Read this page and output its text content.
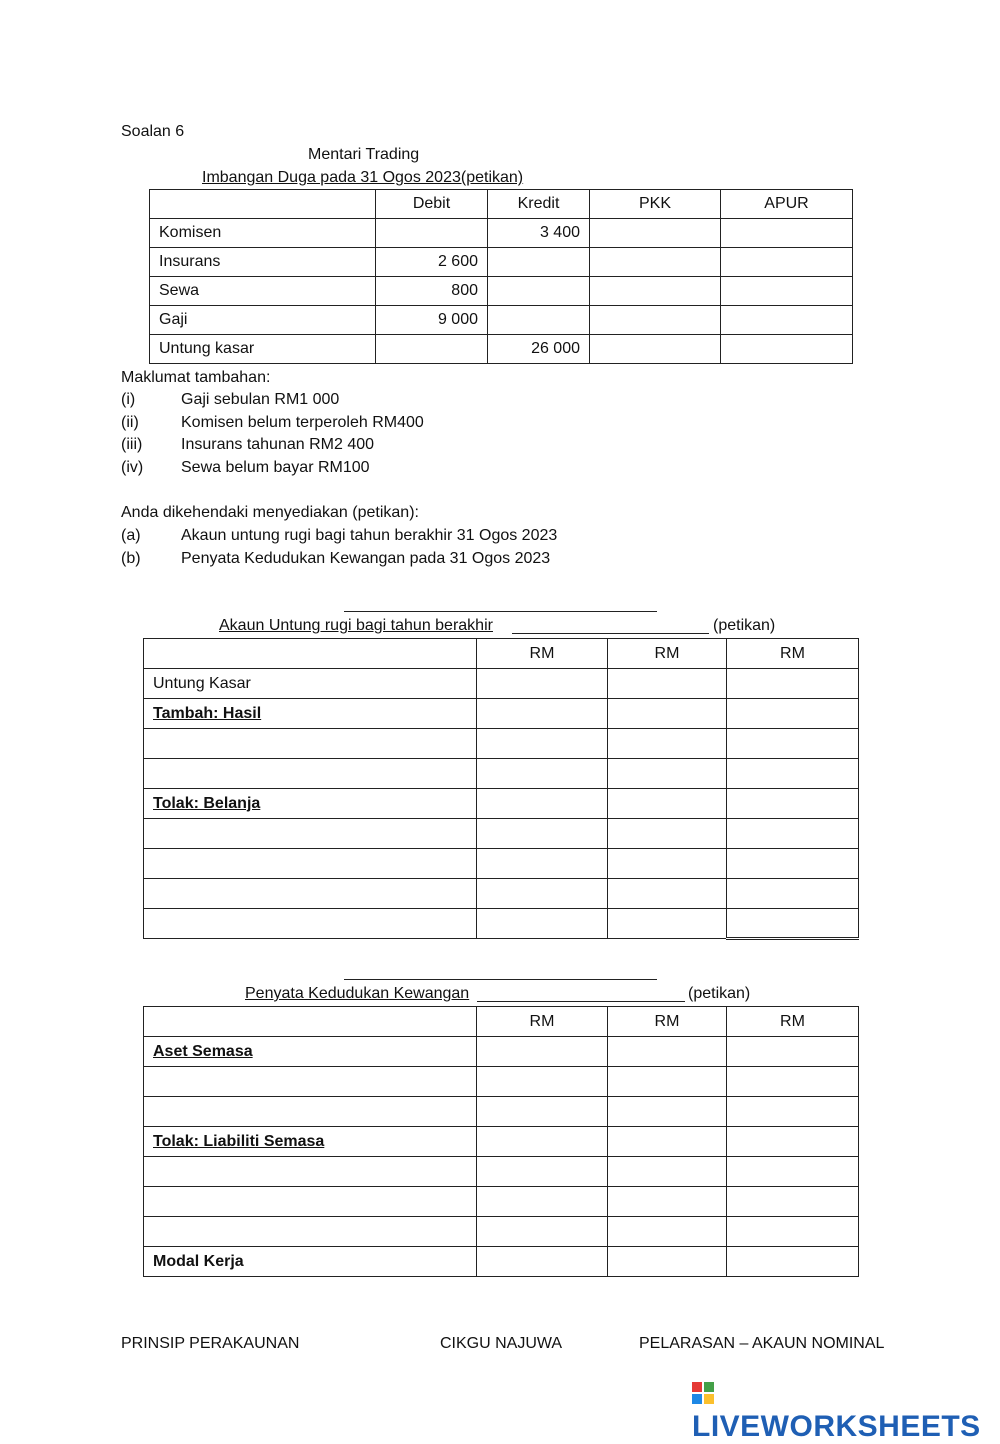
Soalan 6
Mentari Trading
Imbangan Duga pada 31 Ogos 2023(petikan)
	Debit	Kredit	PKK	APUR
Komisen		3 400		
Insurans	2 600			
Sewa	800			
Gaji	9 000			
Untung kasar		26 000		
Maklumat tambahan:
(i)	Gaji sebulan RM1 000
(ii)	Komisen belum terperoleh RM400
(iii) Insurans tahunan RM2 400
(iv) Sewa belum bayar RM100
Anda dikehendaki menyediakan (petikan):
(a)	Akaun untung rugi bagi tahun berakhir 31 Ogos 2023
(b)	Penyata Kedudukan Kewangan pada 31 Ogos 2023
Akaun Untung rugi bagi tahun berakhir	(petikan)
	RM	RM	RM
Untung Kasar			
Tambah: Hasil			

Tolak: Belanja			

Penyata Kedudukan Kewangan	(petikan)
	RM	RM	RM
Aset Semasa			

Tolak: Liabiliti Semasa			

Modal Kerja			
PRINSIP PERAKAUNAN	CIKGU NAJUWA	PELARASAN – AKAUN NOMINAL
LIVEWORKSHEETS
